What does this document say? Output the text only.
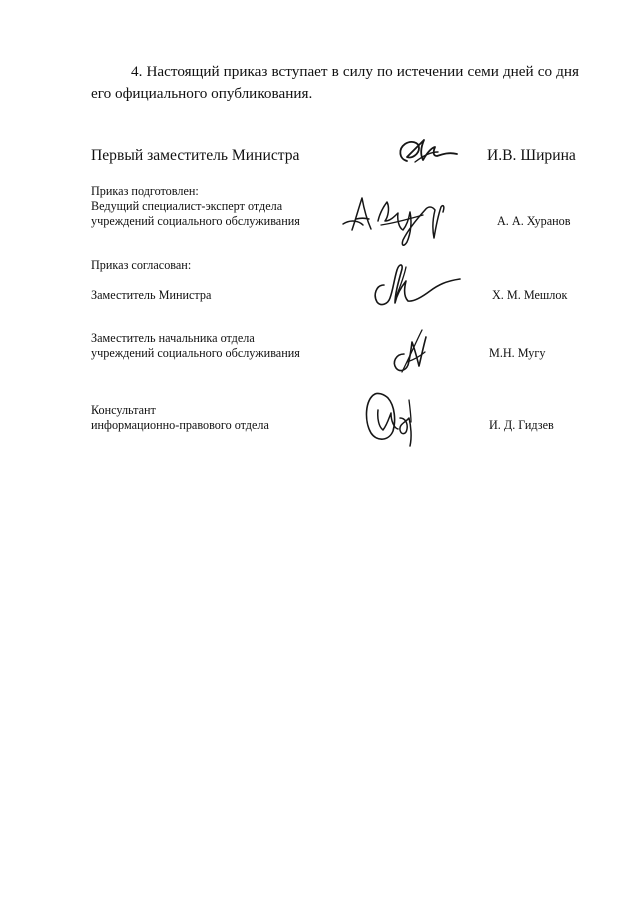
4. Настоящий приказ вступает в силу по истечении семи дней со дня
его официального опубликования.
Первый заместитель Министра	И.В. Ширина
Приказ подготовлен:
Ведущий специалист-эксперт отдела
учреждений социального обслуживания	А. А. Хуранов
Приказ согласован:
Заместитель Министра	Х. М. Мешлок
Заместитель начальника отдела
учреждений социального обслуживания	М.Н. Мугу
Консультант
информационно-правового отдела	И. Д. Гидзев
